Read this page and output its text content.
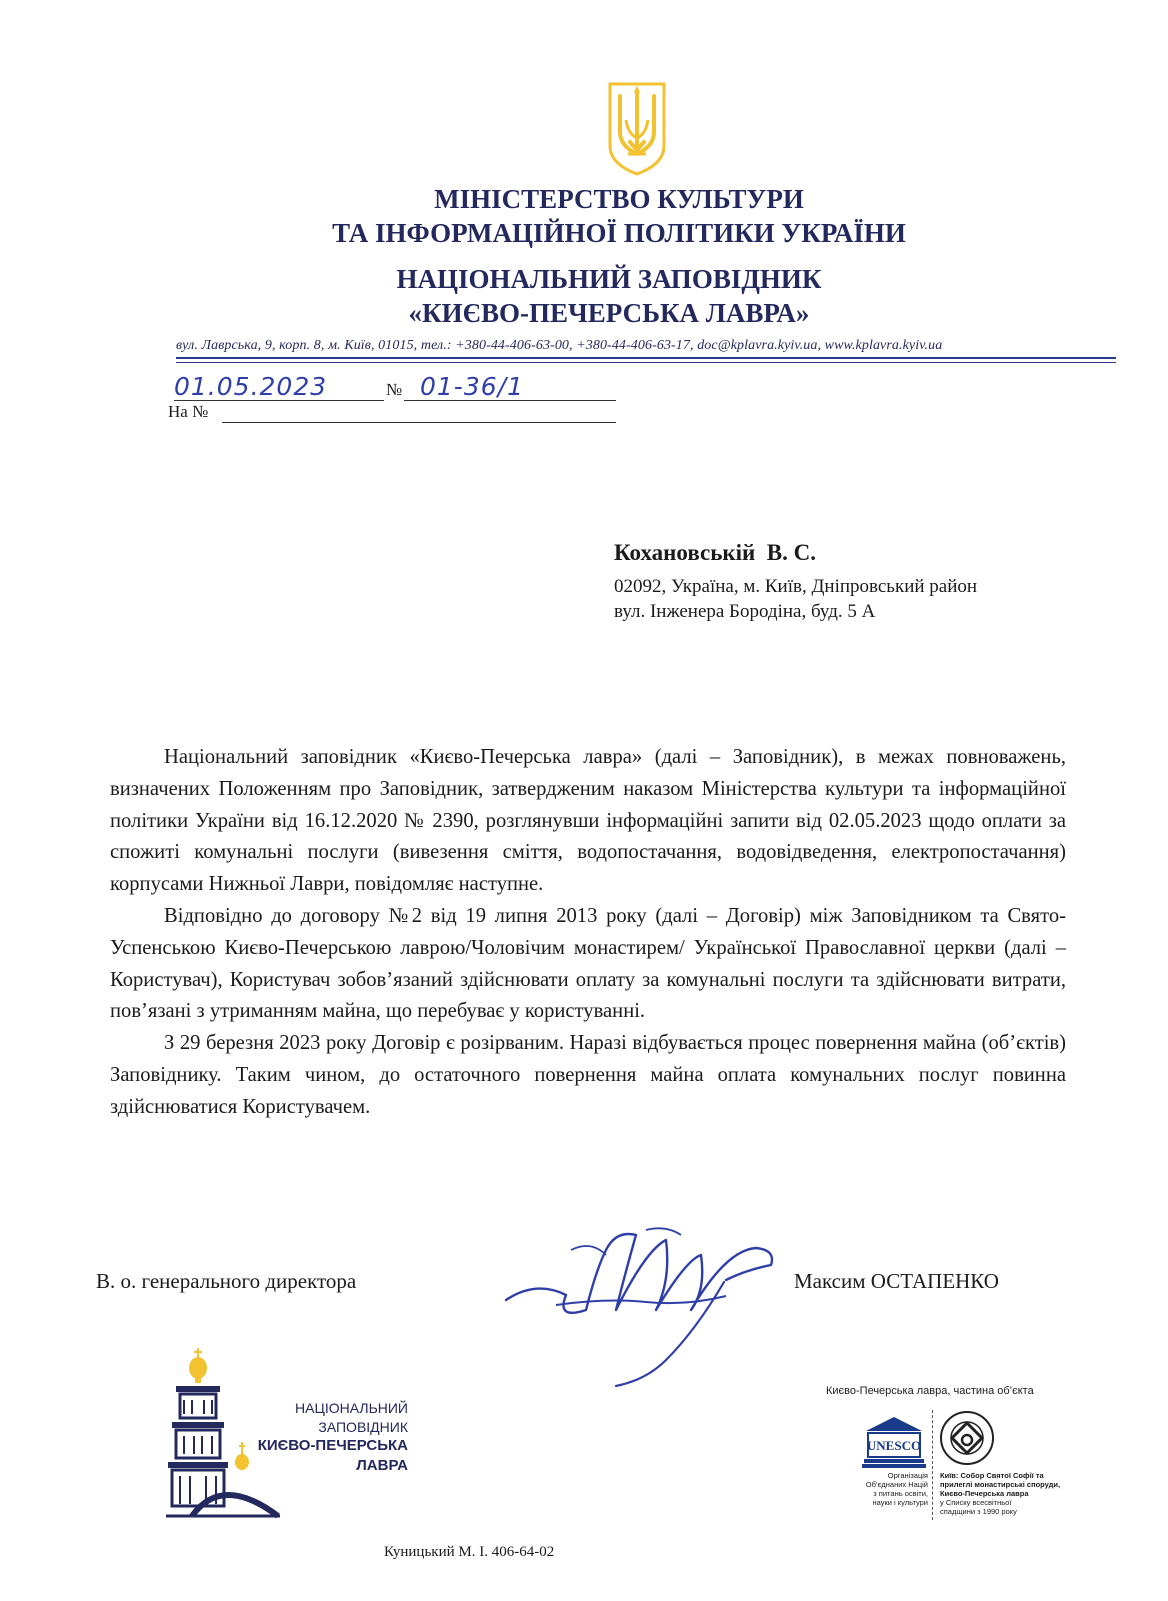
МІНІСТЕРСТВО КУЛЬТУРИ
ТА ІНФОРМАЦІЙНОЇ ПОЛІТИКИ УКРАЇНИ
НАЦІОНАЛЬНИЙ ЗАПОВІДНИК
«КИЄВО-ПЕЧЕРСЬКА ЛАВРА»
вул. Лаврська, 9, корп. 8, м. Київ, 01015, тел.: +380-44-406-63-00, +380-44-406-63-17, doc@kplavra.kyiv.ua, www.kplavra.kyiv.ua
01.05.2023	№ 01-36/1
На №
Кохановській  В. С.
02092, Україна, м. Київ, Дніпровський район
вул. Інженера Бородіна, буд. 5 А

Національний заповідник «Києво-Печерська лавра» (далі – Заповідник), в межах повноважень, визначених Положенням про Заповідник, затвердженим наказом Міністерства культури та інформаційної політики України від 16.12.2020 № 2390, розглянувши інформаційні запити від 02.05.2023 щодо оплати за спожиті комунальні послуги (вивезення сміття, водопостачання, водовідведення, електропостачання) корпусами Нижньої Лаври, повідомляє наступне.

Відповідно до договору №2 від 19 липня 2013 року (далі – Договір) між Заповідником та Свято-Успенською Києво-Печерською лаврою/Чоловічим монастирем/ Української Православної церкви (далі – Користувач), Користувач зобов’язаний здійснювати оплату за комунальні послуги та здійснювати витрати, пов’язані з утриманням майна, що перебуває у користуванні.

З 29 березня 2023 року Договір є розірваним. Наразі відбувається процес повернення майна (об’єктів) Заповіднику. Таким чином, до остаточного повернення майна оплата комунальних послуг повинна здійснюватися Користувачем.

В. о. генерального директора	Максим ОСТАПЕНКО
НАЦІОНАЛЬНИЙ
ЗАПОВІДНИК
КИЄВО-ПЕЧЕРСЬКА
ЛАВРА
Києво-Печерська лавра, частина об’єкта
UNESCO
Організація
Об’єднаних Націй
з питань освіти,
науки і культури
Київ: Собор Святої Софії та
прилеглі монастирські споруди,
Києво-Печерська лавра
у Списку всесвітньої
спадщини з 1990 року
Куницький М. І. 406-64-02
